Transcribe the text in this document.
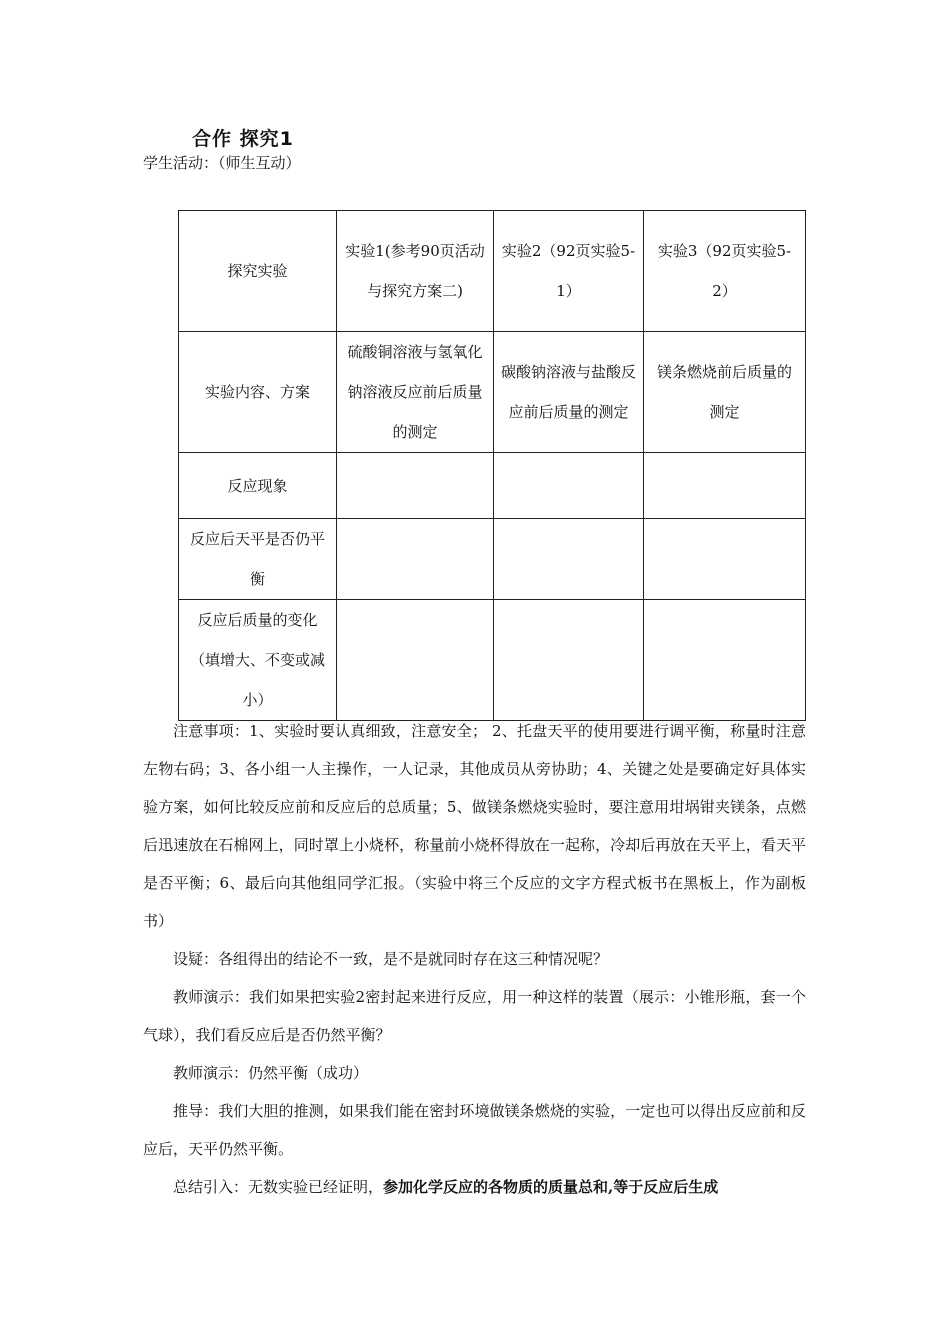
合作 探究1
学生活动：（师生互动）
探究实验	实验1(参考90页活动与探究方案二)	实验2（92页实验5-1）	实验3（92页实验5-2）
实验内容、方案	硫酸铜溶液与氢氧化钠溶液反应前后质量的测定	碳酸钠溶液与盐酸反应前后质量的测定	镁条燃烧前后质量的测定
反应现象			
反应后天平是否仍平衡			
反应后质量的变化（填增大、不变或减小）			

注意事项：1、实验时要认真细致，注意安全； 2、托盘天平的使用要进行调平衡，称量时注意左物右码；3、各小组一人主操作，一人记录，其他成员从旁协助；4、关键之处是要确定好具体实验方案，如何比较反应前和反应后的总质量；5、做镁条燃烧实验时，要注意用坩埚钳夹镁条，点燃后迅速放在石棉网上，同时罩上小烧杯，称量前小烧杯得放在一起称，冷却后再放在天平上，看天平是否平衡；6、最后向其他组同学汇报。（实验中将三个反应的文字方程式板书在黑板上，作为副板书）

设疑：各组得出的结论不一致，是不是就同时存在这三种情况呢？

教师演示：我们如果把实验2密封起来进行反应，用一种这样的装置（展示：小锥形瓶，套一个气球），我们看反应后是否仍然平衡？

教师演示：仍然平衡（成功）

推导：我们大胆的推测，如果我们能在密封环境做镁条燃烧的实验，一定也可以得出反应前和反应后，天平仍然平衡。

总结引入：无数实验已经证明，参加化学反应的各物质的质量总和,等于反应后生成
